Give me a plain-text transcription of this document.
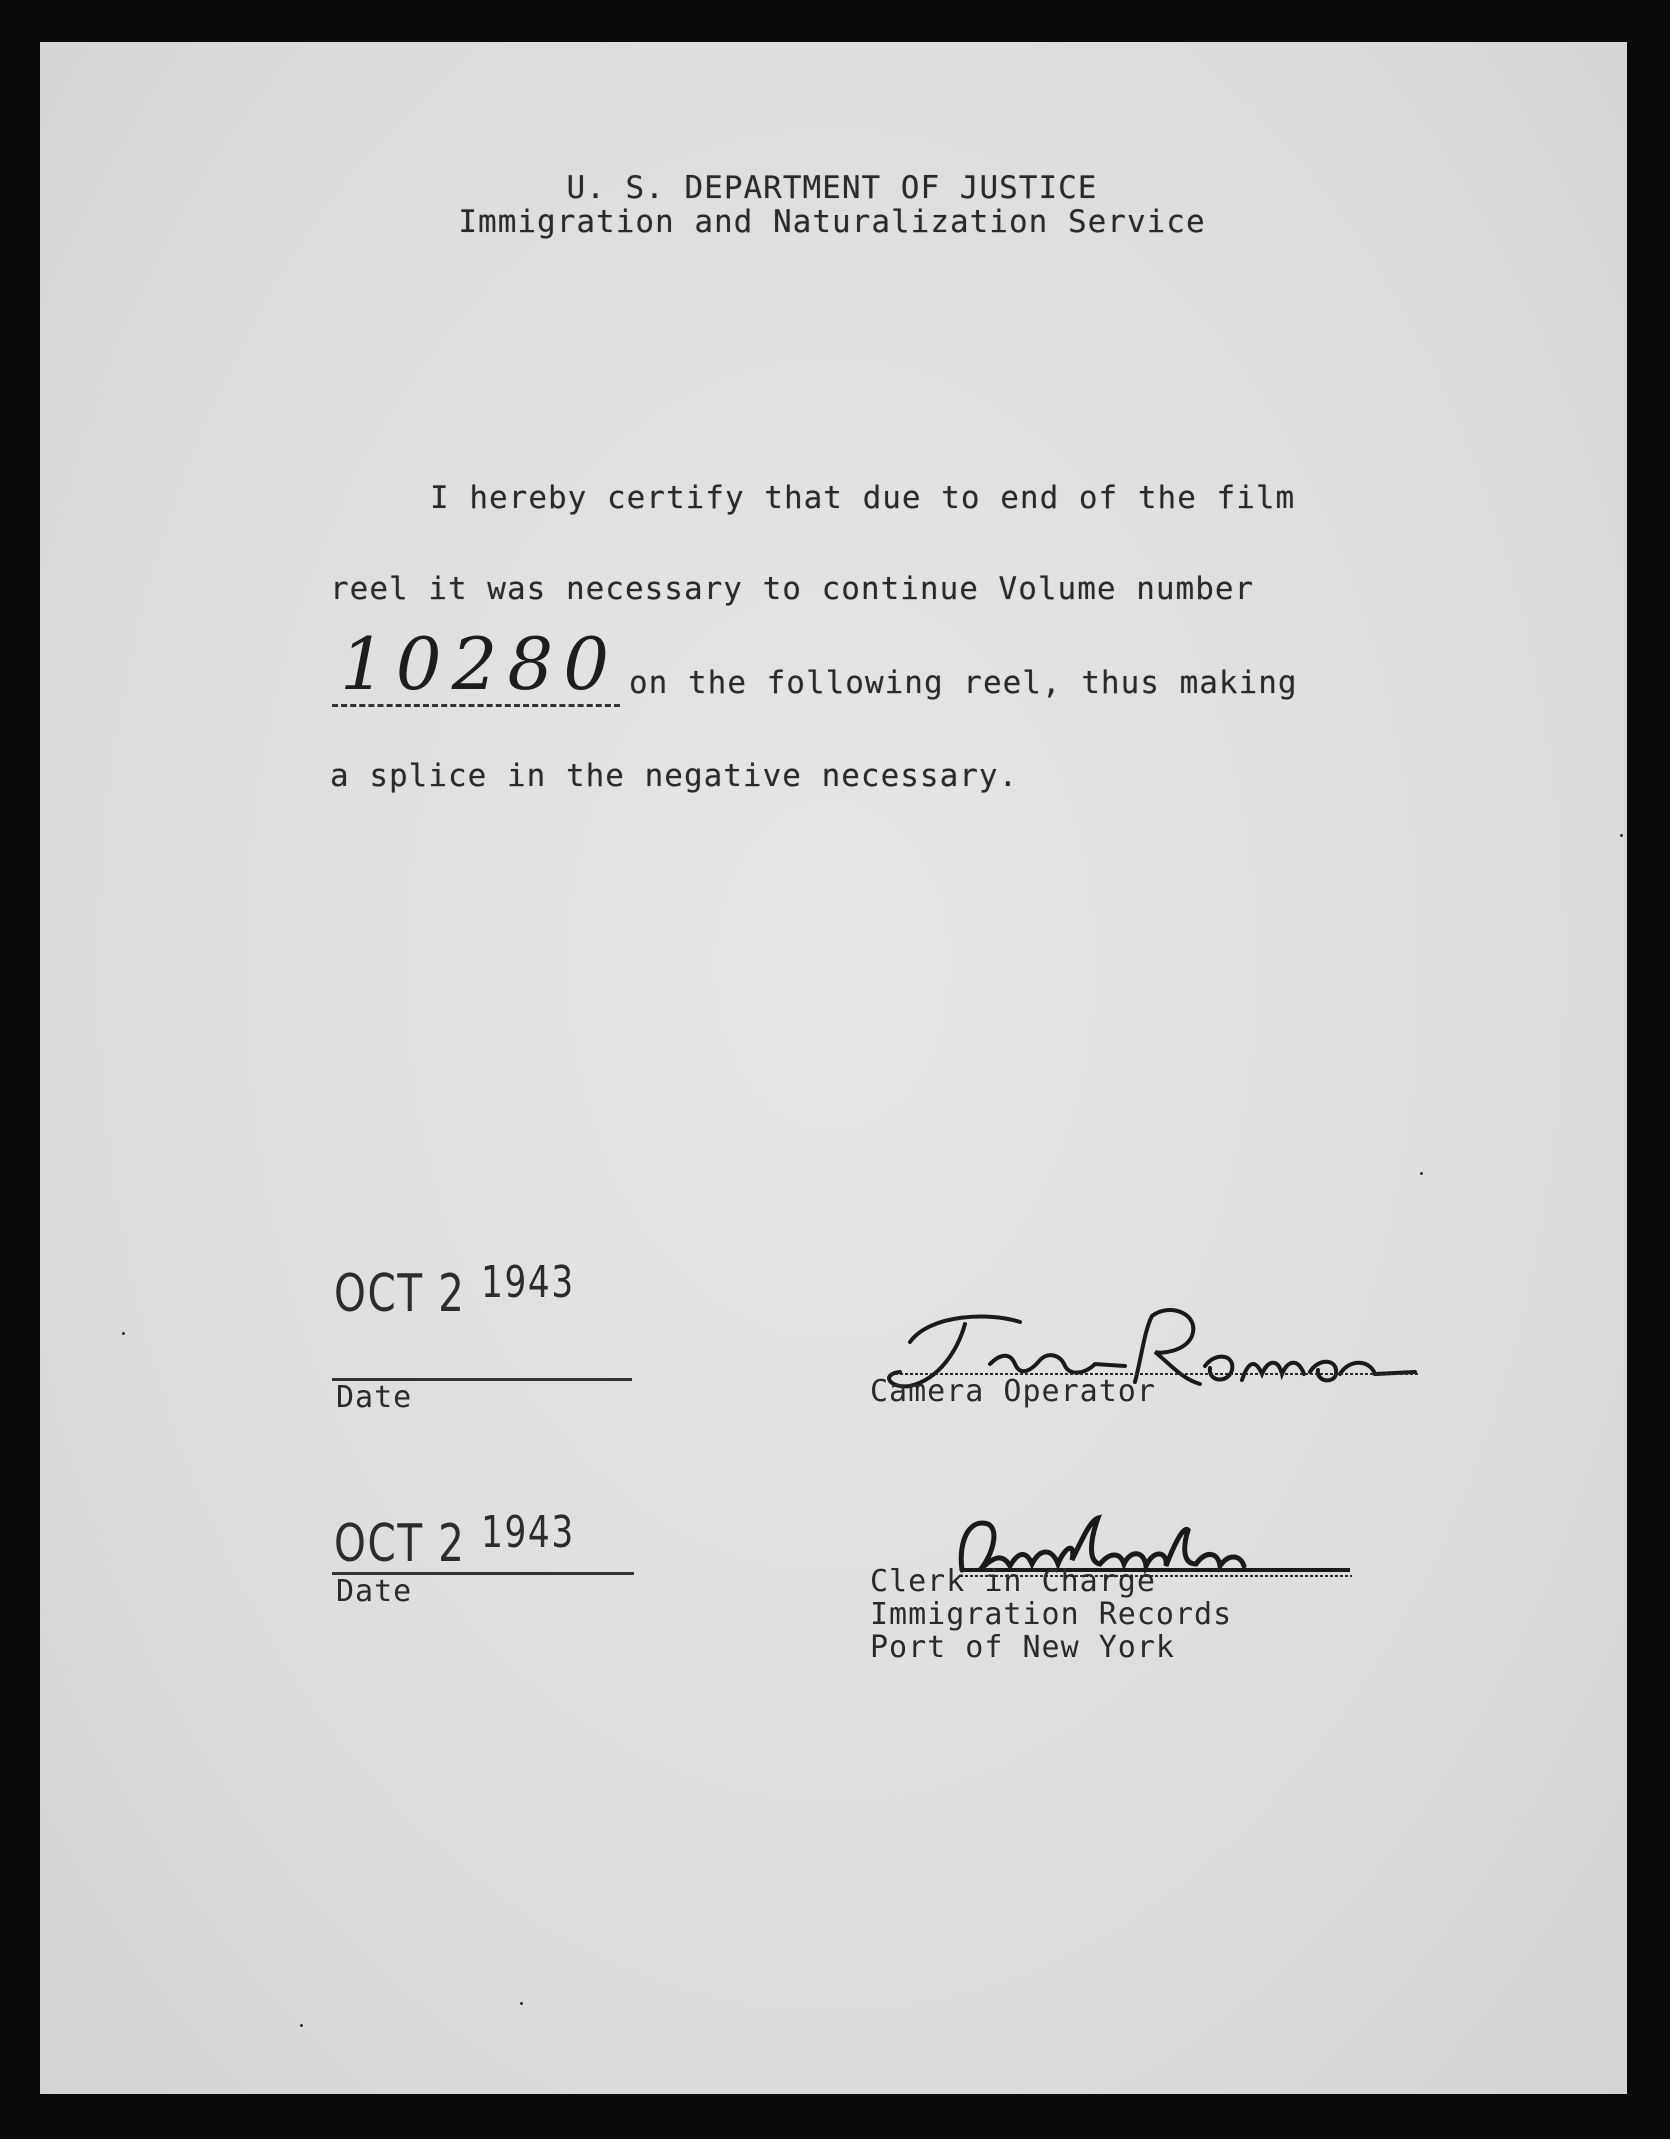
U. S. DEPARTMENT OF JUSTICE
Immigration and Naturalization Service
I hereby certify that due to end of the film
reel it was necessary to continue Volume number
10280 on the following reel, thus making
a splice in the negative necessary.
OCT 2 1943
Date	Camera Operator
OCT 2 1943
Date	Clerk in Charge
Immigration Records
Port of New York
